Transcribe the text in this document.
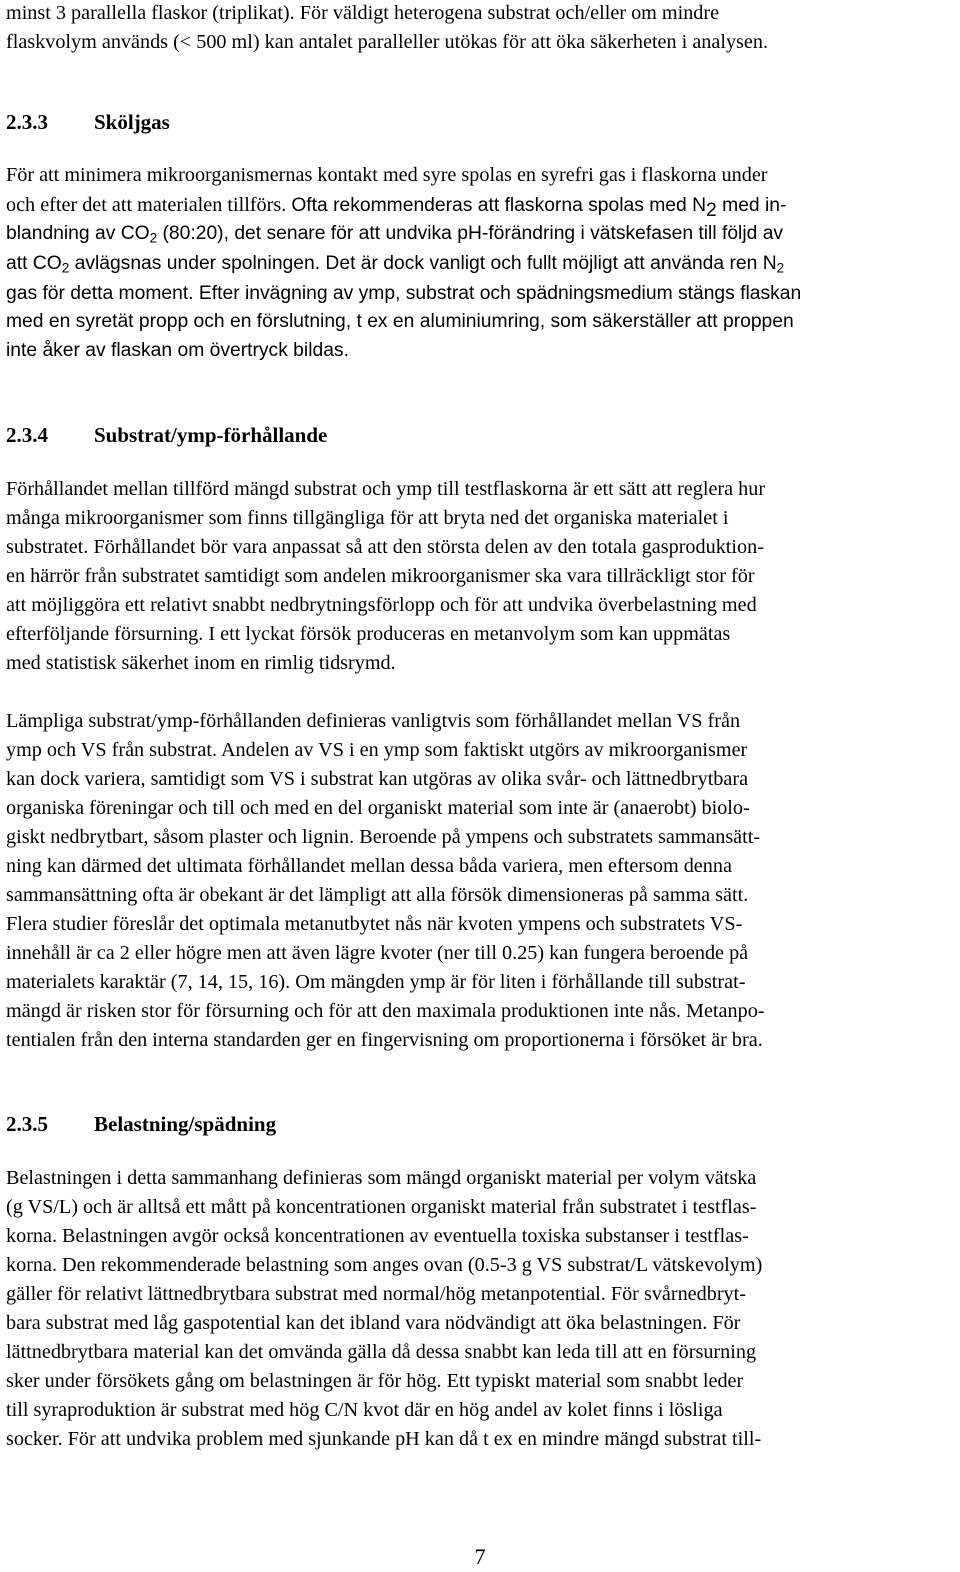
minst 3 parallella flaskor (triplikat). För väldigt heterogena substrat och/eller om mindre
flaskvolym används (< 500 ml) kan antalet paralleller utökas för att öka säkerheten i analysen.
2.3.3 Sköljgas
För att minimera mikroorganismernas kontakt med syre spolas en syrefri gas i flaskorna under
och efter det att materialen tillförs. Ofta rekommenderas att flaskorna spolas med $N_2$ med in-
blandning av $CO_2$ (80:20), det senare för att undvika pH-förändring i vätskefasen till följd av
att $CO_2$ avlägsnas under spolningen. Det är dock vanligt och fullt möjligt att använda ren $N_2$
gas för detta moment. Efter invägning av ymp, substrat och spädningsmedium stängs flaskan
med en syretät propp och en förslutning, t ex en aluminiumring, som säkerställer att proppen
inte åker av flaskan om övertryck bildas.
2.3.4 Substrat/ymp-förhållande
Förhållandet mellan tillförd mängd substrat och ymp till testflaskorna är ett sätt att reglera hur
många mikroorganismer som finns tillgängliga för att bryta ned det organiska materialet i
substratet. Förhållandet bör vara anpassat så att den största delen av den totala gasproduktion-
en härrör från substratet samtidigt som andelen mikroorganismer ska vara tillräckligt stor för
att möjliggöra ett relativt snabbt nedbrytningsförlopp och för att undvika överbelastning med
efterföljande försurning. I ett lyckat försök produceras en metanvolym som kan uppmätas
med statistisk säkerhet inom en rimlig tidsrymd.
Lämpliga substrat/ymp-förhållanden definieras vanligtvis som förhållandet mellan VS från
ymp och VS från substrat. Andelen av VS i en ymp som faktiskt utgörs av mikroorganismer
kan dock variera, samtidigt som VS i substrat kan utgöras av olika svår- och lättnedbrytbara
organiska föreningar och till och med en del organiskt material som inte är (anaerobt) biolo-
giskt nedbrytbart, såsom plaster och lignin. Beroende på ympens och substratets sammansätt-
ning kan därmed det ultimata förhållandet mellan dessa båda variera, men eftersom denna
sammansättning ofta är obekant är det lämpligt att alla försök dimensioneras på samma sätt.
Flera studier föreslår det optimala metanutbytet nås när kvoten ympens och substratets VS-
innehåll är ca 2 eller högre men att även lägre kvoter (ner till 0.25) kan fungera beroende på
materialets karaktär (7, 14, 15, 16). Om mängden ymp är för liten i förhållande till substrat-
mängd är risken stor för försurning och för att den maximala produktionen inte nås. Metanpo-
tentialen från den interna standarden ger en fingervisning om proportionerna i försöket är bra.
2.3.5 Belastning/spädning
Belastningen i detta sammanhang definieras som mängd organiskt material per volym vätska
(g VS/L) och är alltså ett mått på koncentrationen organiskt material från substratet i testflas-
korna. Belastningen avgör också koncentrationen av eventuella toxiska substanser i testflas-
korna. Den rekommenderade belastning som anges ovan (0.5-3 g VS substrat/L vätskevolym)
gäller för relativt lättnedbrytbara substrat med normal/hög metanpotential. För svårnedbryt-
bara substrat med låg gaspotential kan det ibland vara nödvändigt att öka belastningen. För
lättnedbrytbara material kan det omvända gälla då dessa snabbt kan leda till att en försurning
sker under försökets gång om belastningen är för hög. Ett typiskt material som snabbt leder
till syraproduktion är substrat med hög C/N kvot där en hög andel av kolet finns i lösliga
socker. För att undvika problem med sjunkande pH kan då t ex en mindre mängd substrat till-
7
